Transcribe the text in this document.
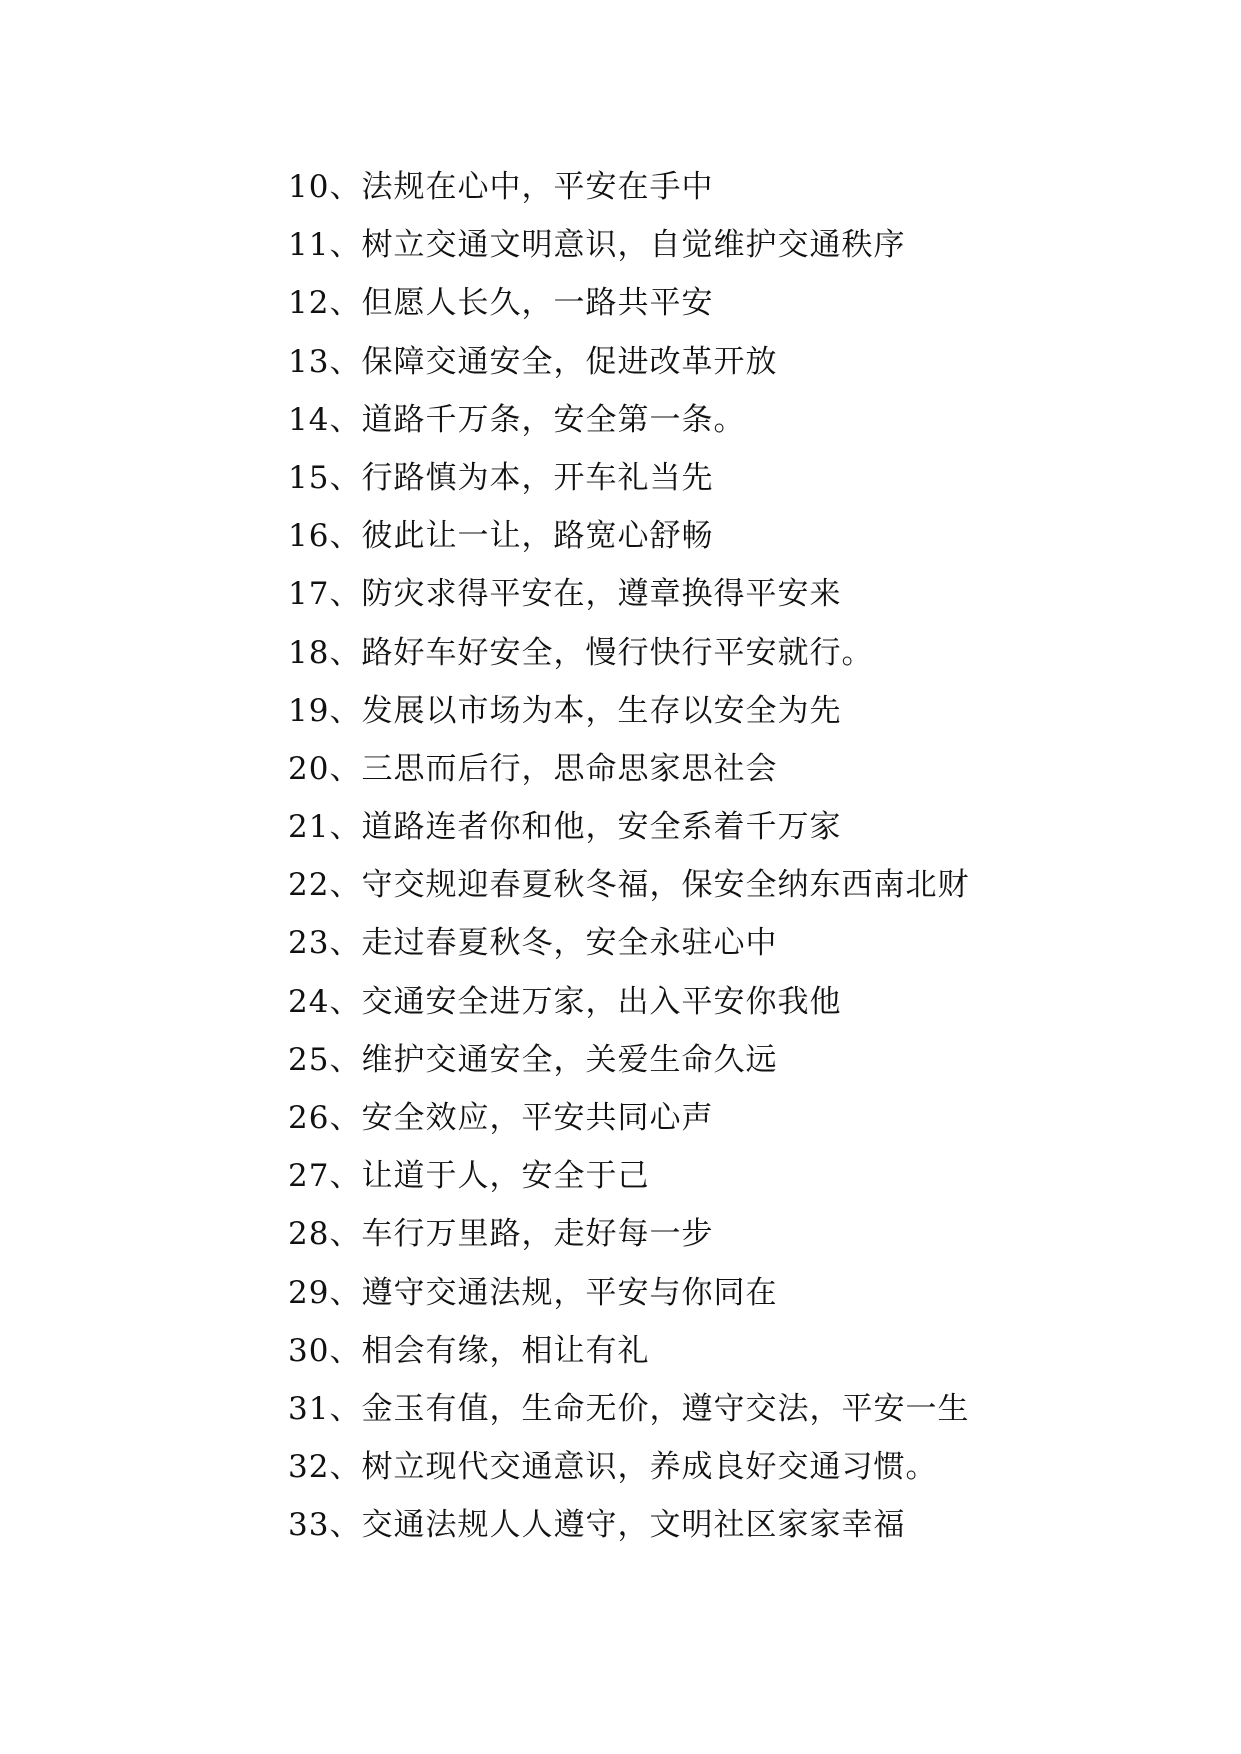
10、法规在心中，平安在手中
11、树立交通文明意识，自觉维护交通秩序
12、但愿人长久，一路共平安
13、保障交通安全，促进改革开放
14、道路千万条，安全第一条。
15、行路慎为本，开车礼当先
16、彼此让一让，路宽心舒畅
17、防灾求得平安在，遵章换得平安来
18、路好车好安全，慢行快行平安就行。
19、发展以市场为本，生存以安全为先
20、三思而后行，思命思家思社会
21、道路连者你和他，安全系着千万家
22、守交规迎春夏秋冬福，保安全纳东西南北财
23、走过春夏秋冬，安全永驻心中
24、交通安全进万家，出入平安你我他
25、维护交通安全，关爱生命久远
26、安全效应，平安共同心声
27、让道于人，安全于己
28、车行万里路，走好每一步
29、遵守交通法规，平安与你同在
30、相会有缘，相让有礼
31、金玉有值，生命无价，遵守交法，平安一生
32、树立现代交通意识，养成良好交通习惯。
33、交通法规人人遵守，文明社区家家幸福
